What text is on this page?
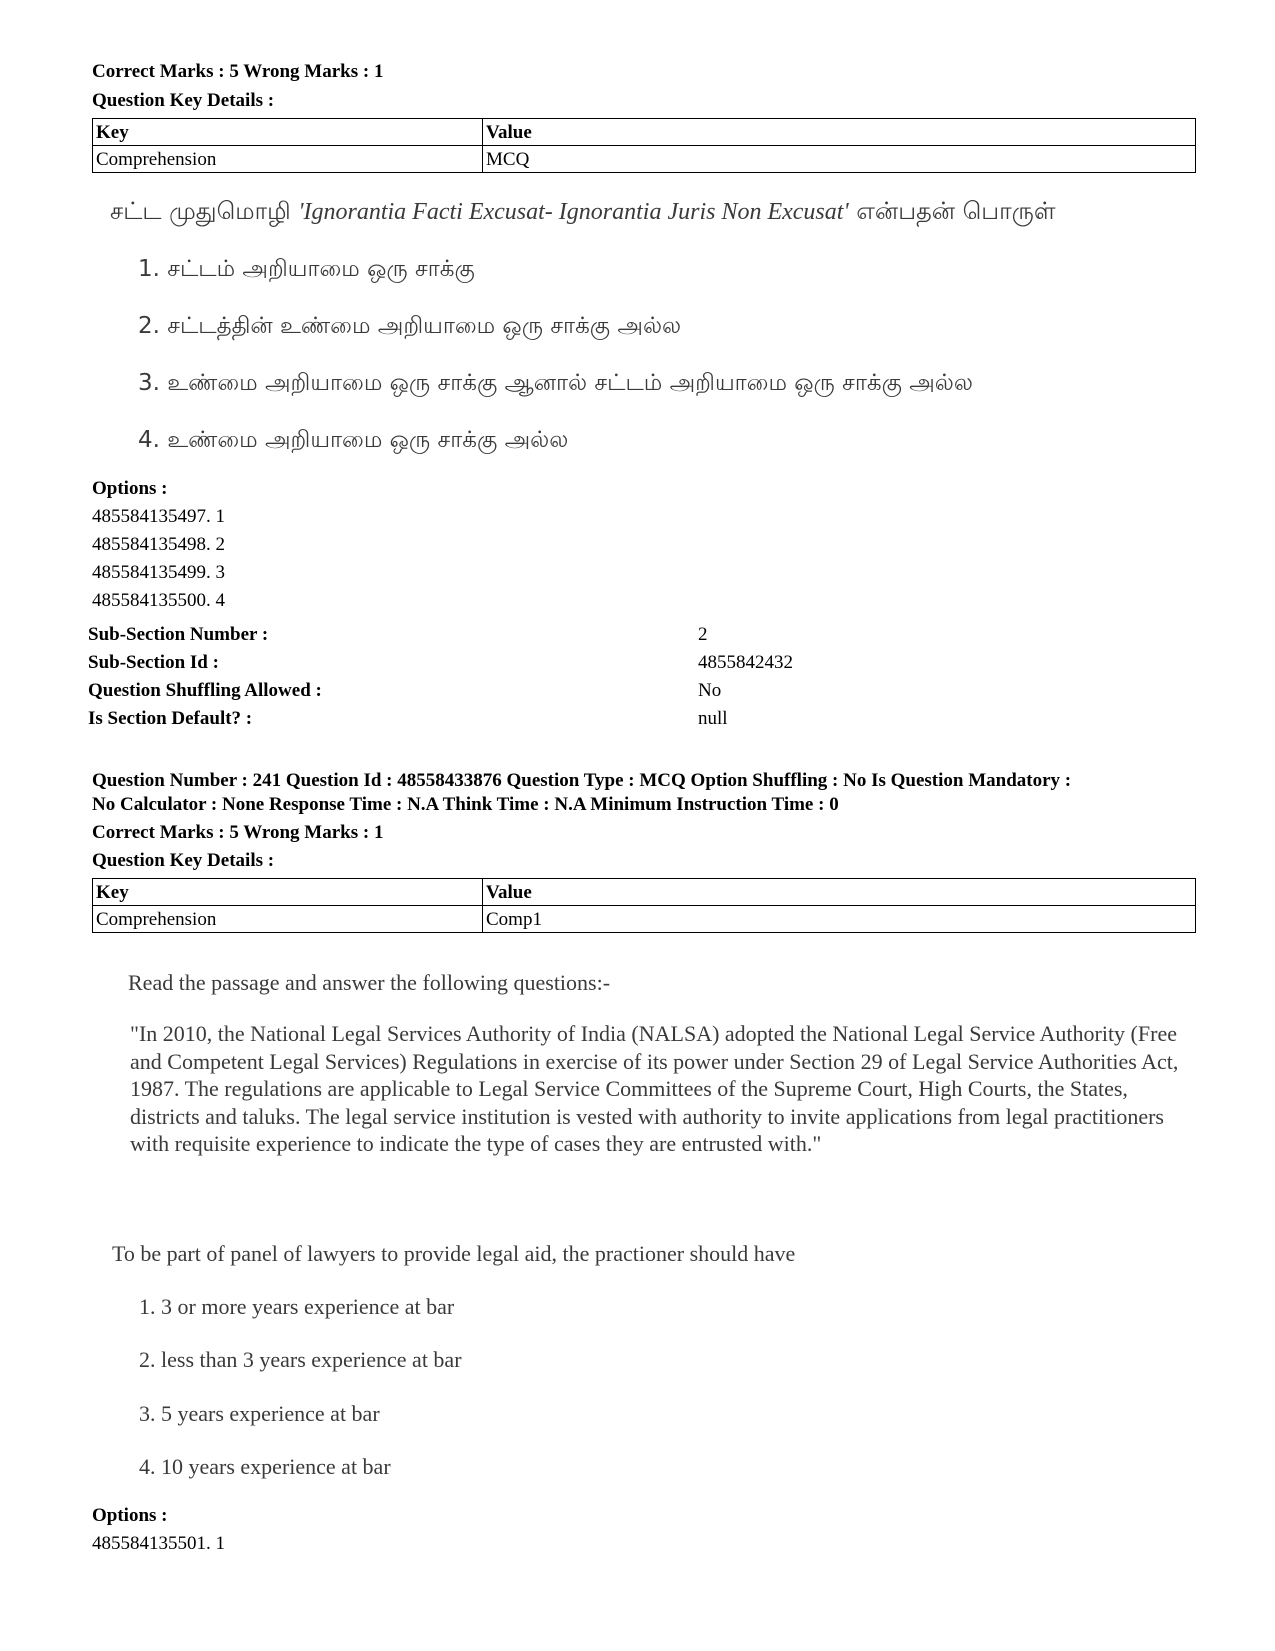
Correct Marks : 5 Wrong Marks : 1
Question Key Details :
Key	Value
Comprehension	MCQ
சட்ட முதுமொழி 'Ignorantia Facti Excusat- Ignorantia Juris Non Excusat' என்பதன் பொருள்
1. சட்டம் அறியாமை ஒரு சாக்கு
2. சட்டத்தின் உண்மை அறியாமை ஒரு சாக்கு அல்ல
3. உண்மை அறியாமை ஒரு சாக்கு ஆனால் சட்டம் அறியாமை ஒரு சாக்கு அல்ல
4. உண்மை அறியாமை ஒரு சாக்கு அல்ல
Options :
485584135497. 1
485584135498. 2
485584135499. 3
485584135500. 4
Sub-Section Number :	2
Sub-Section Id :	4855842432
Question Shuffling Allowed :	No
Is Section Default? :	null
Question Number : 241 Question Id : 48558433876 Question Type : MCQ Option Shuffling : No Is Question Mandatory :
No Calculator : None Response Time : N.A Think Time : N.A Minimum Instruction Time : 0
Correct Marks : 5 Wrong Marks : 1
Question Key Details :
Key	Value
Comprehension	Comp1
Read the passage and answer the following questions:-
"In 2010, the National Legal Services Authority of India (NALSA) adopted the National Legal Service Authority (Free and Competent Legal Services) Regulations in exercise of its power under Section 29 of Legal Service Authorities Act, 1987. The regulations are applicable to Legal Service Committees of the Supreme Court, High Courts, the States, districts and taluks. The legal service institution is vested with authority to invite applications from legal practitioners with requisite experience to indicate the type of cases they are entrusted with."
To be part of panel of lawyers to provide legal aid, the practioner should have
1. 3 or more years experience at bar
2. less than 3 years experience at bar
3. 5 years experience at bar
4. 10 years experience at bar
Options :
485584135501. 1
